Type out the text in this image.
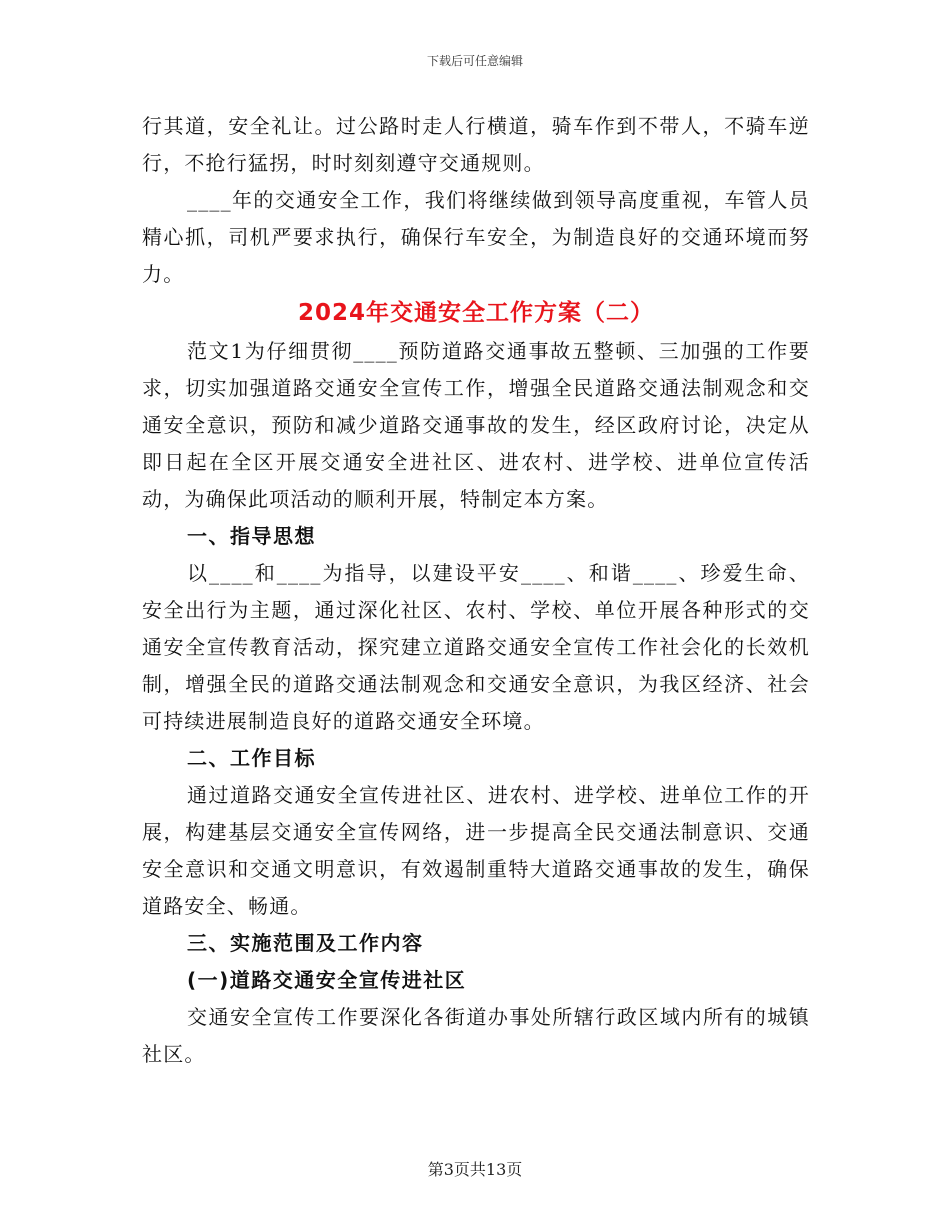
下载后可任意编辑

行其道，安全礼让。过公路时走人行横道，骑车作到不带人，不骑车逆行，不抢行猛拐，时时刻刻遵守交通规则。

____年的交通安全工作，我们将继续做到领导高度重视，车管人员精心抓，司机严要求执行，确保行车安全，为制造良好的交通环境而努力。

2024年交通安全工作方案（二）

范文1为仔细贯彻____预防道路交通事故五整顿、三加强的工作要求，切实加强道路交通安全宣传工作，增强全民道路交通法制观念和交通安全意识，预防和减少道路交通事故的发生，经区政府讨论，决定从即日起在全区开展交通安全进社区、进农村、进学校、进单位宣传活动，为确保此项活动的顺利开展，特制定本方案。

一、指导思想

以____和____为指导，以建设平安____、和谐____、珍爱生命、安全出行为主题，通过深化社区、农村、学校、单位开展各种形式的交通安全宣传教育活动，探究建立道路交通安全宣传工作社会化的长效机制，增强全民的道路交通法制观念和交通安全意识，为我区经济、社会可持续进展制造良好的道路交通安全环境。

二、工作目标

通过道路交通安全宣传进社区、进农村、进学校、进单位工作的开展，构建基层交通安全宣传网络，进一步提高全民交通法制意识、交通安全意识和交通文明意识，有效遏制重特大道路交通事故的发生，确保道路安全、畅通。

三、实施范围及工作内容

(一)道路交通安全宣传进社区

交通安全宣传工作要深化各街道办事处所辖行政区域内所有的城镇社区。

第3页共13页
